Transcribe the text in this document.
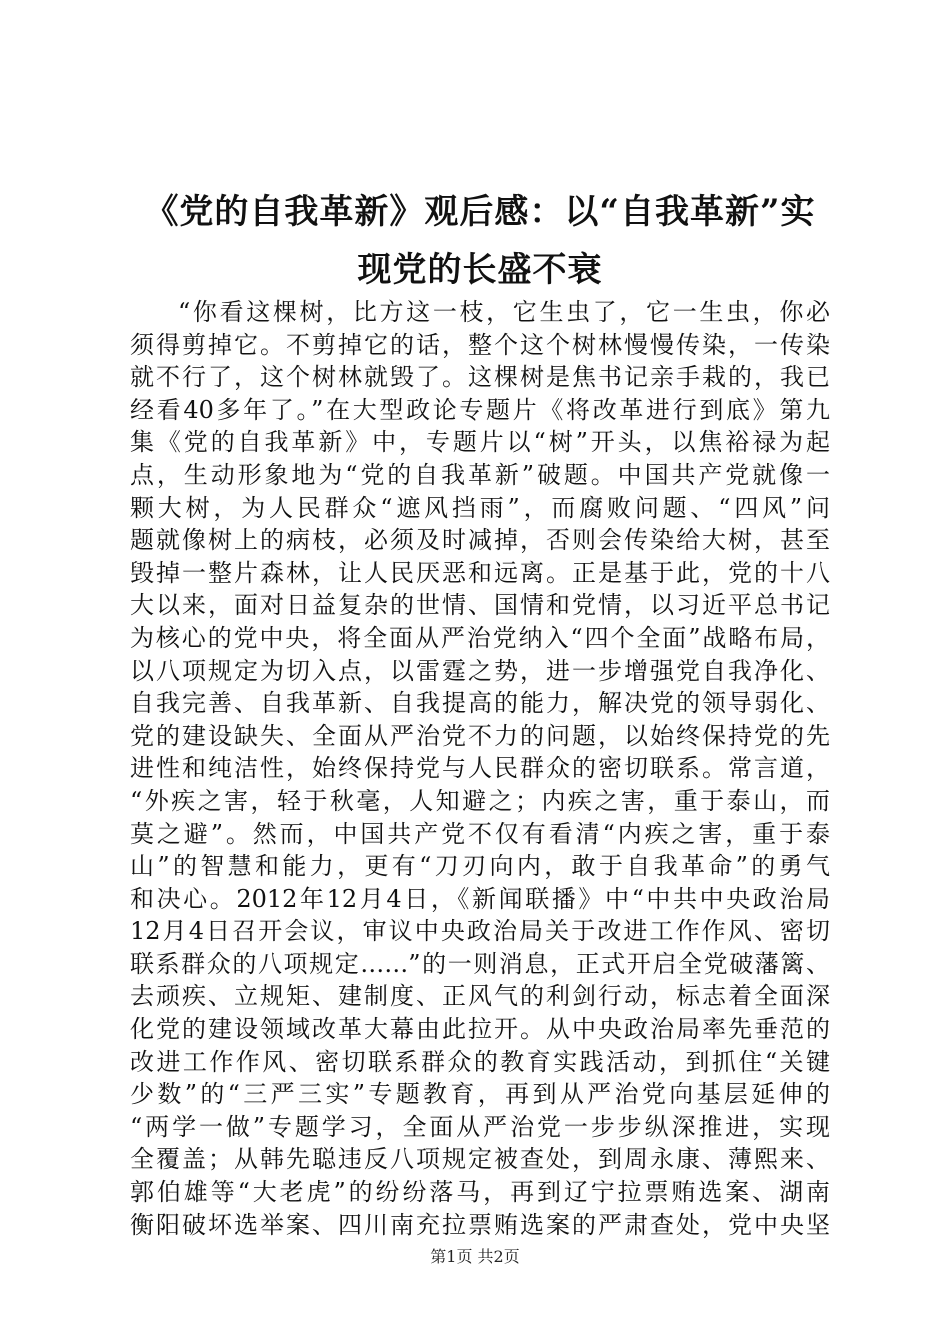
《党的自我革新》观后感：以“自我革新”实
现党的长盛不衰
“你看这棵树，比方这一枝，它生虫了，它一生虫，你必
须得剪掉它。不剪掉它的话，整个这个树林慢慢传染，一传染
就不行了，这个树林就毁了。这棵树是焦书记亲手栽的，我已
经看40多年了。”在大型政论专题片《将改革进行到底》第九
集《党的自我革新》中，专题片以“树”开头，以焦裕禄为起
点，生动形象地为“党的自我革新”破题。中国共产党就像一
颗大树，为人民群众“遮风挡雨”，而腐败问题、“四风”问
题就像树上的病枝，必须及时减掉，否则会传染给大树，甚至
毁掉一整片森林，让人民厌恶和远离。正是基于此，党的十八
大以来，面对日益复杂的世情、国情和党情，以习近平总书记
为核心的党中央，将全面从严治党纳入“四个全面”战略布局，
以八项规定为切入点，以雷霆之势，进一步增强党自我净化、
自我完善、自我革新、自我提高的能力，解决党的领导弱化、
党的建设缺失、全面从严治党不力的问题，以始终保持党的先
进性和纯洁性，始终保持党与人民群众的密切联系。常言道，
“外疾之害，轻于秋毫，人知避之；内疾之害，重于泰山，而
莫之避”。然而，中国共产党不仅有看清“内疾之害，重于泰
山”的智慧和能力，更有“刀刃向内，敢于自我革命”的勇气
和决心。2012年12月4日，《新闻联播》中“中共中央政治局
12月4日召开会议，审议中央政治局关于改进工作作风、密切
联系群众的八项规定……”的一则消息，正式开启全党破藩篱、
去顽疾、立规矩、建制度、正风气的利剑行动，标志着全面深
化党的建设领域改革大幕由此拉开。从中央政治局率先垂范的
改进工作作风、密切联系群众的教育实践活动，到抓住“关键
少数”的“三严三实”专题教育，再到从严治党向基层延伸的
“两学一做”专题学习，全面从严治党一步步纵深推进，实现
全覆盖；从韩先聪违反八项规定被查处，到周永康、薄熙来、
郭伯雄等“大老虎”的纷纷落马，再到辽宁拉票贿选案、湖南
衡阳破坏选举案、四川南充拉票贿选案的严肃查处，党中央坚
第1页 共2页
